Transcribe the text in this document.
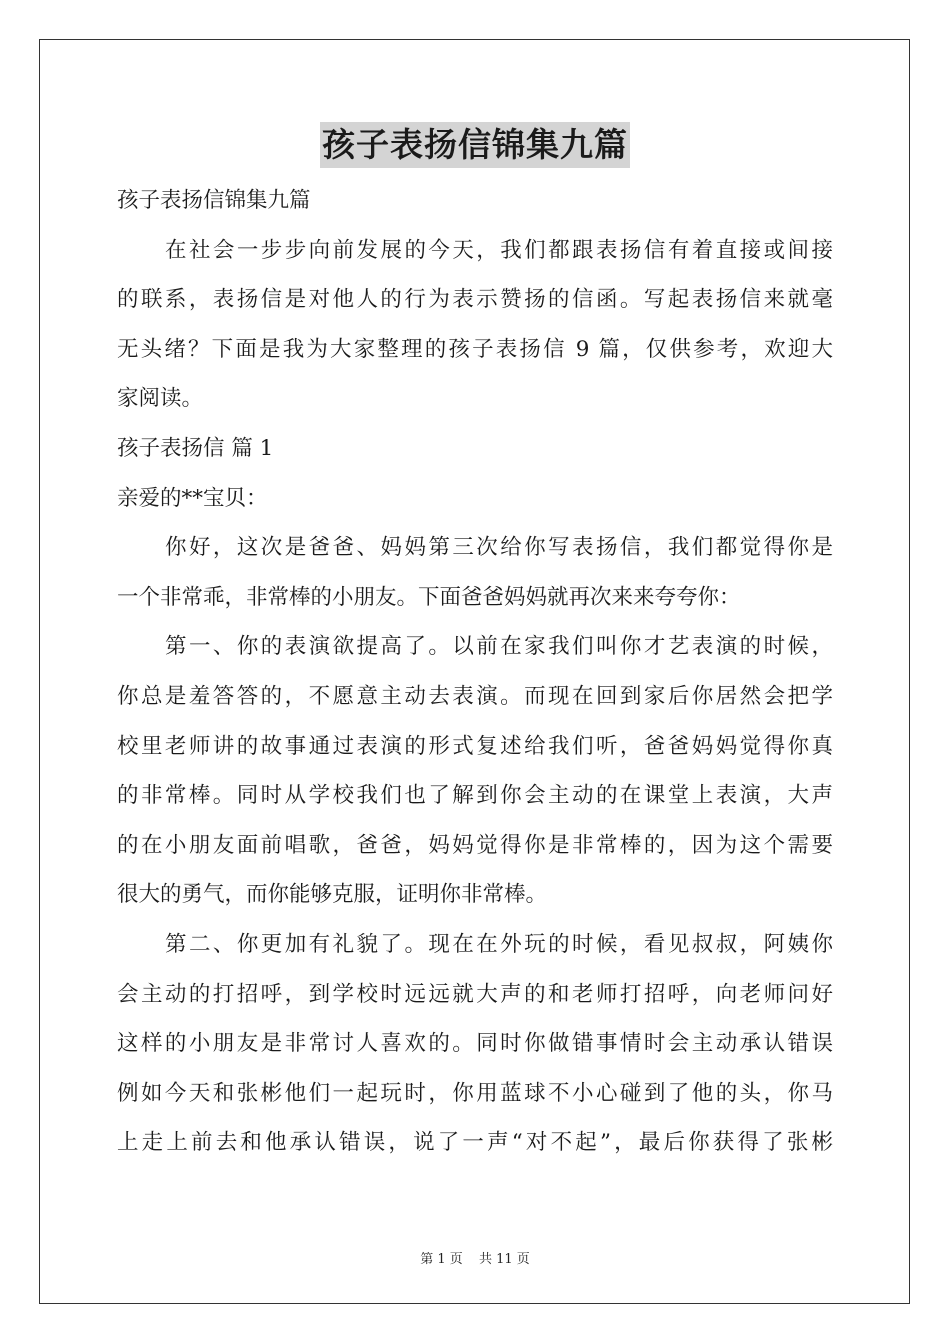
孩子表扬信锦集九篇
孩子表扬信锦集九篇
在社会一步步向前发展的今天，我们都跟表扬信有着直接或间接
的联系，表扬信是对他人的行为表示赞扬的信函。写起表扬信来就毫
无头绪？下面是我为大家整理的孩子表扬信 9 篇，仅供参考，欢迎大
家阅读。
孩子表扬信 篇 1
亲爱的**宝贝：
你好，这次是爸爸、妈妈第三次给你写表扬信，我们都觉得你是
一个非常乖，非常棒的小朋友。下面爸爸妈妈就再次来来夸夸你：
第一、你的表演欲提高了。以前在家我们叫你才艺表演的时候，
你总是羞答答的，不愿意主动去表演。而现在回到家后你居然会把学
校里老师讲的故事通过表演的形式复述给我们听，爸爸妈妈觉得你真
的非常棒。同时从学校我们也了解到你会主动的在课堂上表演，大声
的在小朋友面前唱歌，爸爸，妈妈觉得你是非常棒的，因为这个需要
很大的勇气，而你能够克服，证明你非常棒。
第二、你更加有礼貌了。现在在外玩的时候，看见叔叔，阿姨你
会主动的打招呼，到学校时远远就大声的和老师打招呼，向老师问好
这样的小朋友是非常讨人喜欢的。同时你做错事情时会主动承认错误
例如今天和张彬他们一起玩时，你用蓝球不小心碰到了他的头，你马
上走上前去和他承认错误，说了一声“对不起”，最后你获得了张彬
第 1 页 共 11 页
